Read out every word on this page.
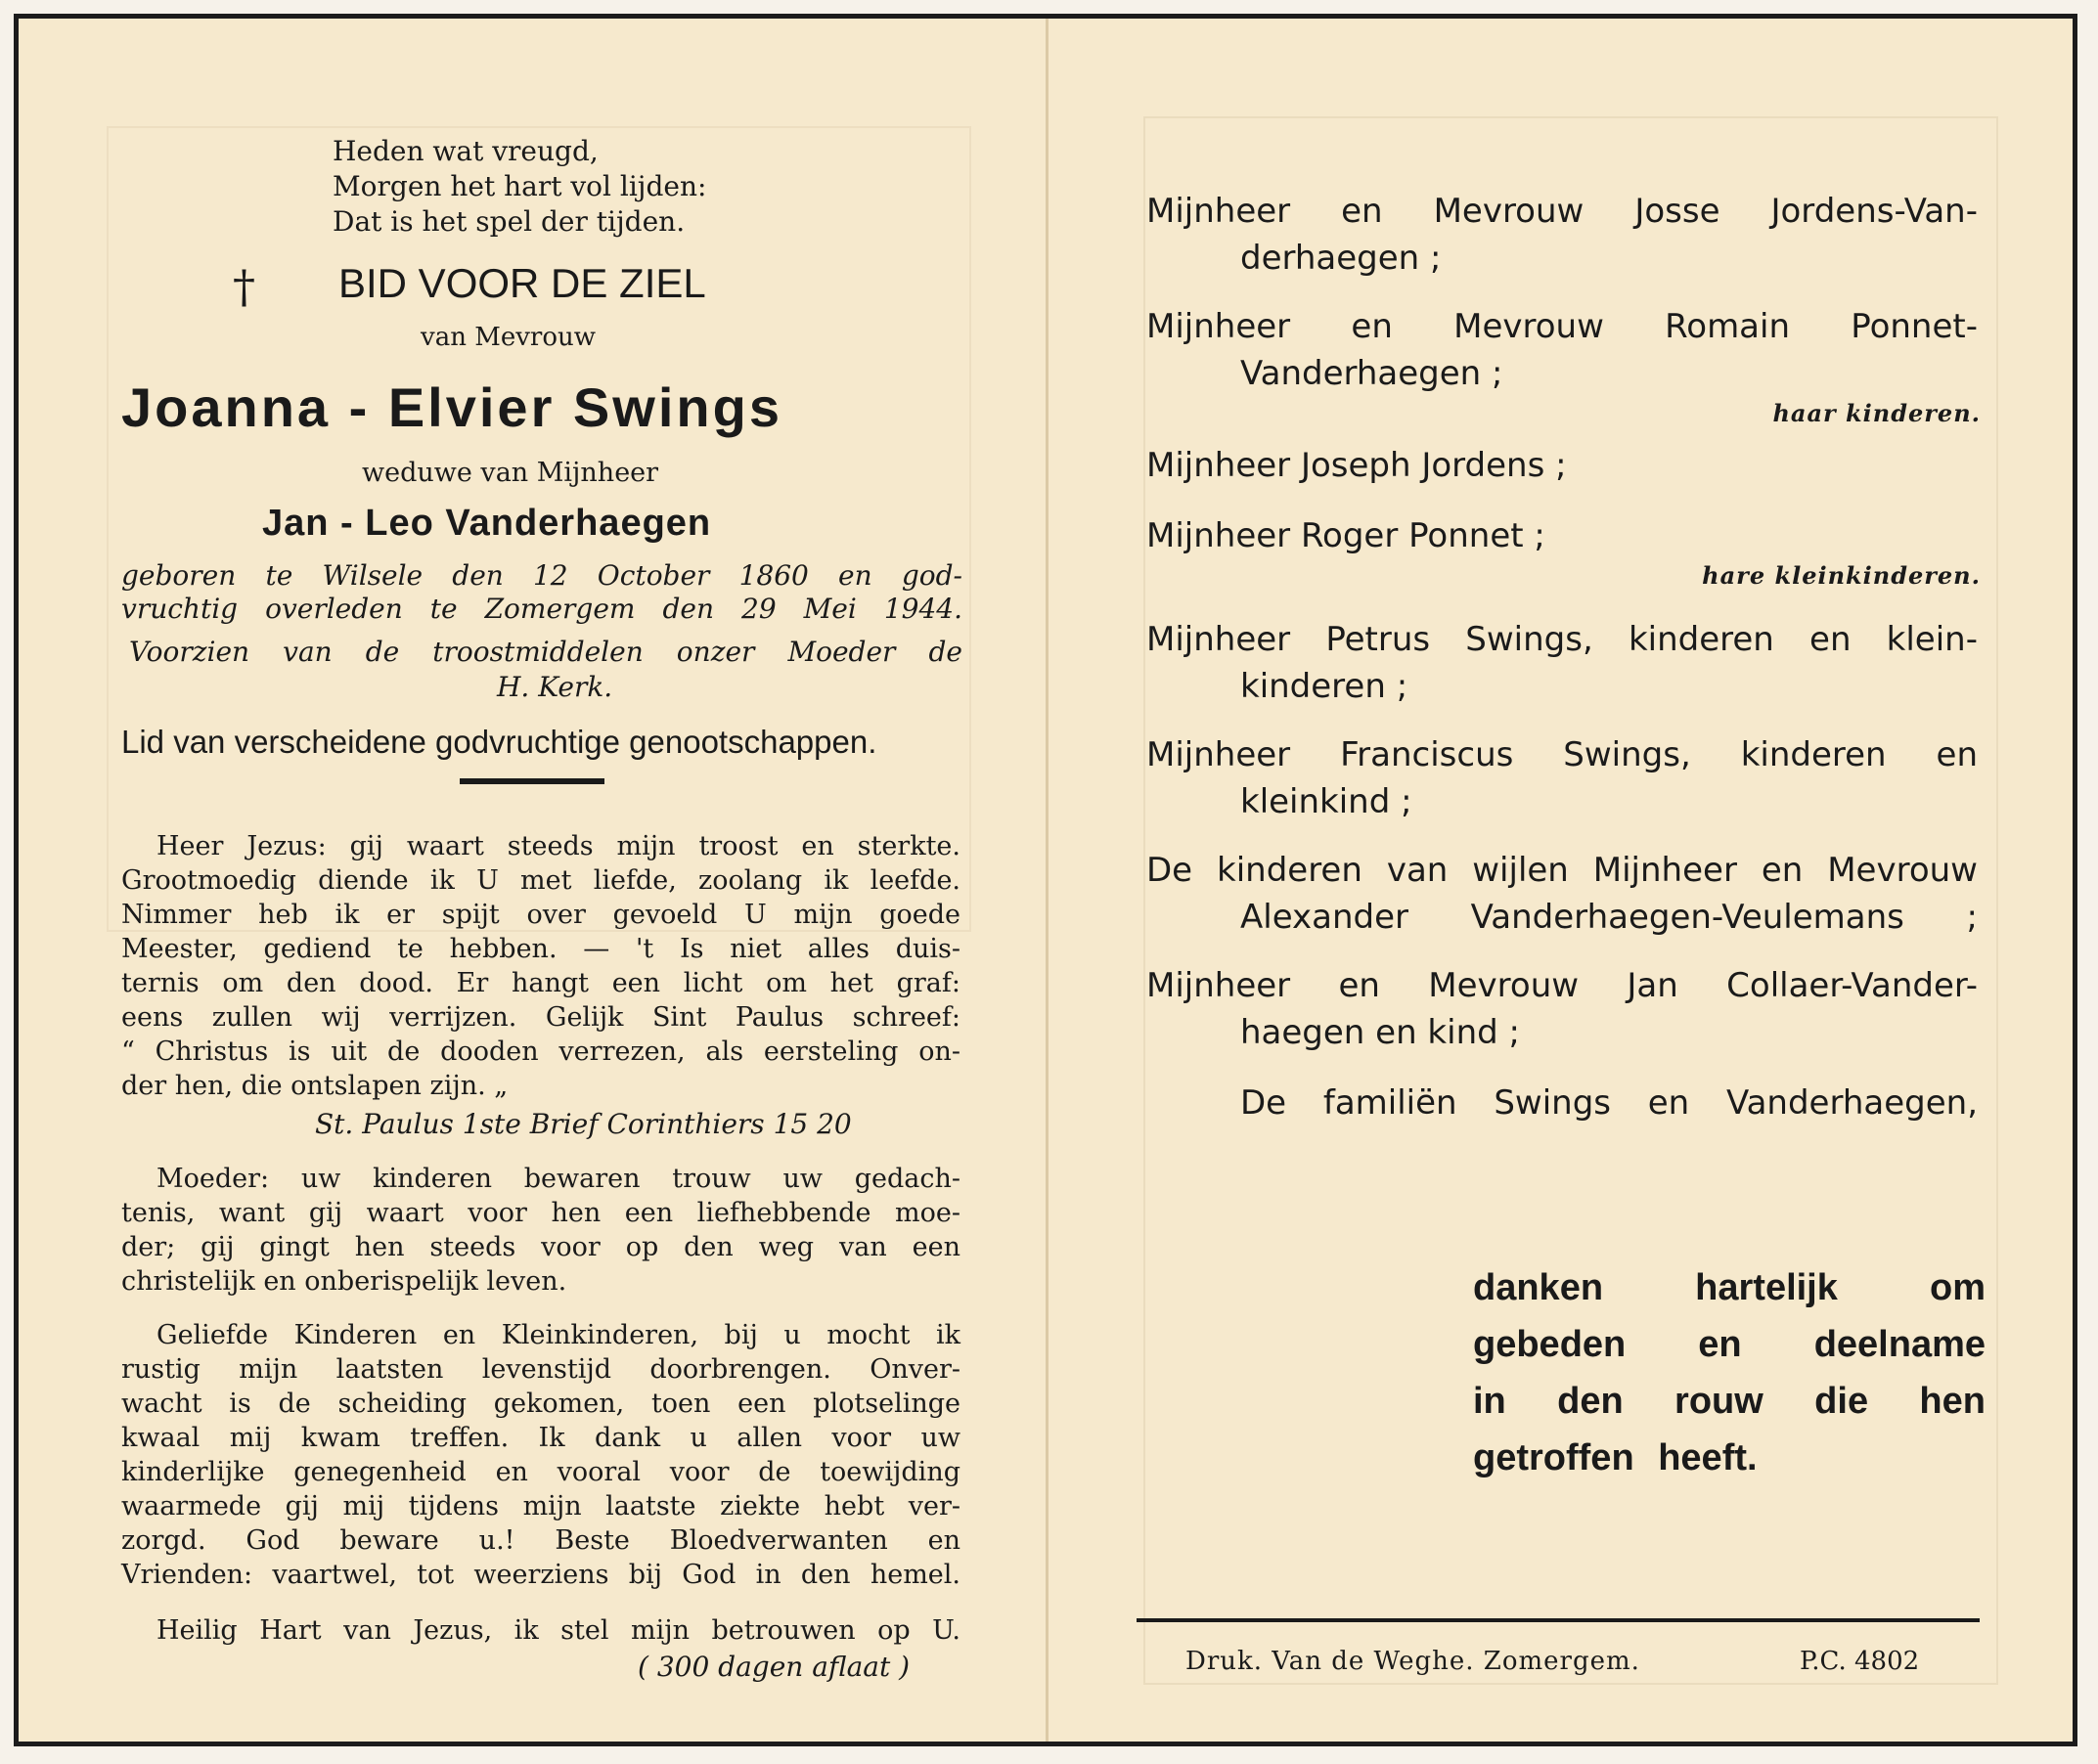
Heden wat vreugd,

Morgen het hart vol lijden:

Dat is het spel der tijden.

† BID VOOR DE ZIEL

van Mevrouw

Joanna - Elvier Swings

weduwe van Mijnheer

Jan - Leo Vanderhaegen

geboren te Wilsele den 12 October 1860 en god-

vruchtig overleden te Zomergem den 29 Mei 1944.

Voorzien van de troostmiddelen onzer Moeder de

H. Kerk.

Lid van verscheidene godvruchtige genootschappen.

Heer Jezus: gij waart steeds mijn troost en sterkte.

Grootmoedig diende ik U met liefde, zoolang ik leefde.

Nimmer heb ik er spijt over gevoeld U mijn goede

Meester, gediend te hebben. — 't Is niet alles duis-

ternis om den dood. Er hangt een licht om het graf:

eens zullen wij verrijzen. Gelijk Sint Paulus schreef:

“ Christus is uit de dooden verrezen, als eersteling on-

der hen, die ontslapen zijn. „

St. Paulus 1ste Brief Corinthiers 15 20

Moeder: uw kinderen bewaren trouw uw gedach-

tenis, want gij waart voor hen een liefhebbende moe-

der; gij gingt hen steeds voor op den weg van een

christelijk en onberispelijk leven.

Geliefde Kinderen en Kleinkinderen, bij u mocht ik

rustig mijn laatsten levenstijd doorbrengen. Onver-

wacht is de scheiding gekomen, toen een plotselinge

kwaal mij kwam treffen. Ik dank u allen voor uw

kinderlijke genegenheid en vooral voor de toewijding

waarmede gij mij tijdens mijn laatste ziekte hebt ver-

zorgd. God beware u.! Beste Bloedverwanten en

Vrienden: vaartwel, tot weerziens bij God in den hemel.

Heilig Hart van Jezus, ik stel mijn betrouwen op U.

( 300 dagen aflaat )

Mijnheer en Mevrouw Josse Jordens-Van-

derhaegen ;

Mijnheer en Mevrouw Romain Ponnet-

Vanderhaegen ;

haar kinderen.

Mijnheer Joseph Jordens ;

Mijnheer Roger Ponnet ;

hare kleinkinderen.

Mijnheer Petrus Swings, kinderen en klein-

kinderen ;

Mijnheer Franciscus Swings, kinderen en

kleinkind ;

De kinderen van wijlen Mijnheer en Mevrouw

Alexander Vanderhaegen-Veulemans ;

Mijnheer en Mevrouw Jan Collaer-Vander-

haegen en kind ;

De familiën Swings en Vanderhaegen,

danken hartelijk om

gebeden en deelname

in den rouw die hen

getroffen heeft.

Druk. Van de Weghe. Zomergem.	P.C. 4802
